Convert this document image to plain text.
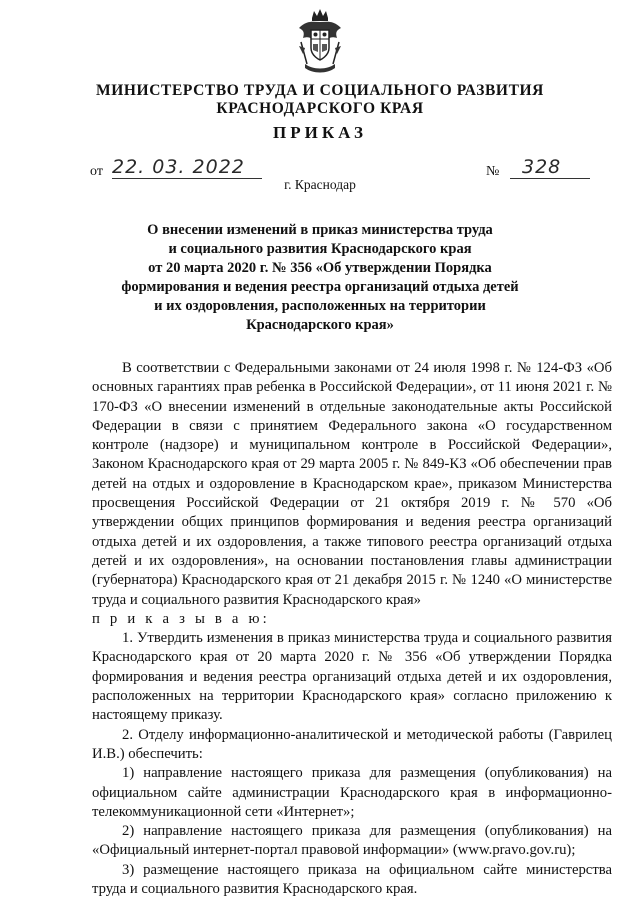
МИНИСТЕРСТВО ТРУДА И СОЦИАЛЬНОГО РАЗВИТИЯ
КРАСНОДАРСКОГО КРАЯ
ПРИКАЗ
от 22. 03. 2022	№	328
г. Краснодар
О внесении изменений в приказ министерства труда
и социального развития Краснодарского края
от 20 марта 2020 г. № 356 «Об утверждении Порядка
формирования и ведения реестра организаций отдыха детей
и их оздоровления, расположенных на территории
Краснодарского края»

В соответствии с Федеральными законами от 24 июля 1998 г. № 124-ФЗ «Об основных гарантиях прав ребенка в Российской Федерации», от 11 июня 2021 г. № 170-ФЗ «О внесении изменений в отдельные законодательные акты Российской Федерации в связи с принятием Федерального закона «О государственном контроле (надзоре) и муниципальном контроле в Российской Федерации», Законом Краснодарского края от 29 марта 2005 г. № 849-КЗ «Об обеспечении прав детей на отдых и оздоровление в Краснодарском крае», приказом Министерства просвещения Российской Федерации от 21 октября 2019 г. № 570 «Об утверждении общих принципов формирования и ведения реестра организаций отдыха детей и их оздоровления, а также типового реестра организаций отдыха детей и их оздоровления», на основании постановления главы администрации (губернатора) Краснодарского края от 21 декабря 2015 г. № 1240 «О министерстве труда и социального развития Краснодарского края»

п р и к а з ы в а ю:

1. Утвердить изменения в приказ министерства труда и социального развития Краснодарского края от 20 марта 2020 г. № 356 «Об утверждении Порядка формирования и ведения реестра организаций отдыха детей и их оздоровления, расположенных на территории Краснодарского края» согласно приложению к настоящему приказу.

2. Отделу информационно-аналитической и методической работы (Гаврилец И.В.) обеспечить:

1) направление настоящего приказа для размещения (опубликования) на официальном сайте администрации Краснодарского края в информационно-телекоммуникационной сети «Интернет»;

2) направление настоящего приказа для размещения (опубликования) на «Официальный интернет-портал правовой информации» (www.pravo.gov.ru);

3) размещение настоящего приказа на официальном сайте министерства труда и социального развития Краснодарского края.
